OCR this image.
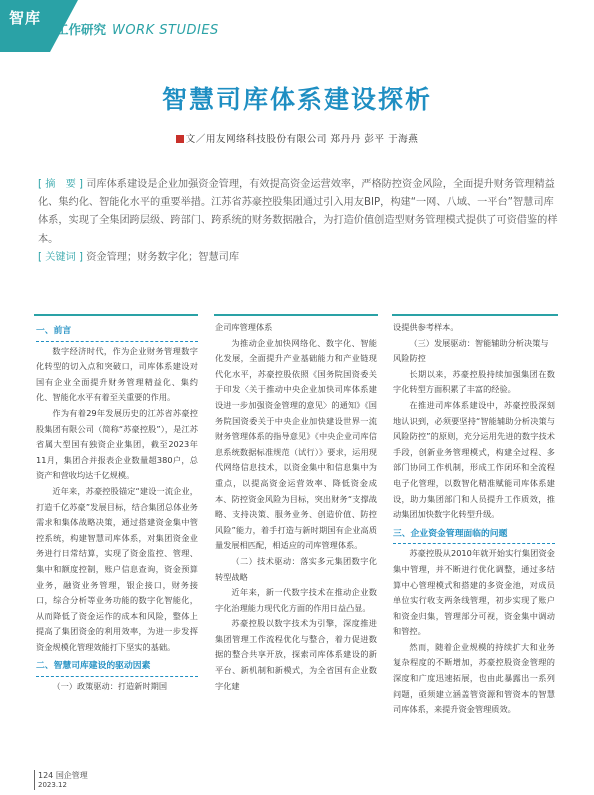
智库
工作研究 WORK STUDIES
智慧司库体系建设探析
文／用友网络科技股份有限公司 郑丹丹 彭平 于海燕
[ 摘　要 ] 司库体系建设是企业加强资金管理，有效提高资金运营效率，严格防控资金风险，全面提升财务管理精益化、集约化、智能化水平的重要举措。江苏省苏豪控股集团通过引入用友BIP，构建“一网、八域、一平台”智慧司库体系，实现了全集团跨层级、跨部门、跨系统的财务数据融合，为打造价值创造型财务管理模式提供了可资借鉴的样本。
[ 关键词 ] 资金管理；财务数字化；智慧司库
一、前言

数字经济时代，作为企业财务管理数字化转型的切入点和突破口，司库体系建设对国有企业全面提升财务管理精益化、集约化、智能化水平有着至关重要的作用。

作为有着29年发展历史的江苏省苏豪控股集团有限公司（简称“苏豪控股”），是江苏省属大型国有独资企业集团，截至2023年11月，集团合并报表企业数量超380户，总资产和营收均达千亿规模。

近年来，苏豪控股锚定“建设一流企业，打造千亿苏豪”发展目标，结合集团总体业务需求和集体战略决策，通过搭建资金集中管控系统，构建智慧司库体系，对集团资金业务进行日常结算，实现了资金监控、管理、集中和额度控制，账户信息查询，资金预算业务，融资业务管理，银企接口，财务接口，综合分析等业务功能的数字化智能化，从而降低了资金运作的成本和风险，整体上提高了集团资金的利用效率，为进一步发挥资金规模化管理效能打下坚实的基础。

二、智慧司库建设的驱动因素

（一）政策驱动：打造新时期国

企司库管理体系

为推动企业加快网络化、数字化、智能化发展，全面提升产业基础能力和产业链现代化水平，苏豪控股依照《国务院国资委关于印发〈关于推动中央企业加快司库体系建设进一步加强资金管理的意见〉的通知》《国务院国资委关于中央企业加快建设世界一流财务管理体系的指导意见》《中央企业司库信息系统数据标准规范（试行）》要求，运用现代网络信息技术，以资金集中和信息集中为重点，以提高资金运营效率、降低资金成本、防控资金风险为目标，突出财务“支撑战略、支持决策、服务业务、创造价值、防控风险”能力，着手打造与新时期国有企业高质量发展相匹配，相适应的司库管理体系。

（二）技术驱动：落实多元集团数字化转型战略

近年来，新一代数字技术在推动企业数字化治理能力现代化方面的作用日益凸显。

苏豪控股以数字技术为引擎，深度推进集团管理工作流程优化与整合，着力促进数据的整合共享开放，探索司库体系建设的新平台、新机制和新模式，为全省国有企业数字化建

设提供参考样本。

（三）发展驱动：智能辅助分析决策与风险防控

长期以来，苏豪控股持续加强集团在数字化转型方面积累了丰富的经验。

在推进司库体系建设中，苏豪控股深刻地认识到，必须要坚持“智能辅助分析决策与风险防控”的原则，充分运用先进的数字技术手段，创新业务管理模式，构建全过程、多部门协同工作机制，形成工作闭环和全流程电子化管理，以数智化精准赋能司库体系建设，助力集团部门和人员提升工作质效，推动集团加快数字化转型升级。

三、企业资金管理面临的问题

苏豪控股从2010年就开始实行集团资金集中管理，并不断进行优化调整，通过多结算中心管理模式和搭建的多资金池，对成员单位实行收支两条线管理，初步实现了账户和资金归集，管理部分可视，资金集中调动和管控。

然而，随着企业规模的持续扩大和业务复杂程度的不断增加，苏豪控股资金管理的深度和广度迅速拓展，也由此暴露出一系列问题，亟须建立涵盖管资源和管资本的智慧司库体系，来提升资金管理质效。

124 国企管理
2023.12
